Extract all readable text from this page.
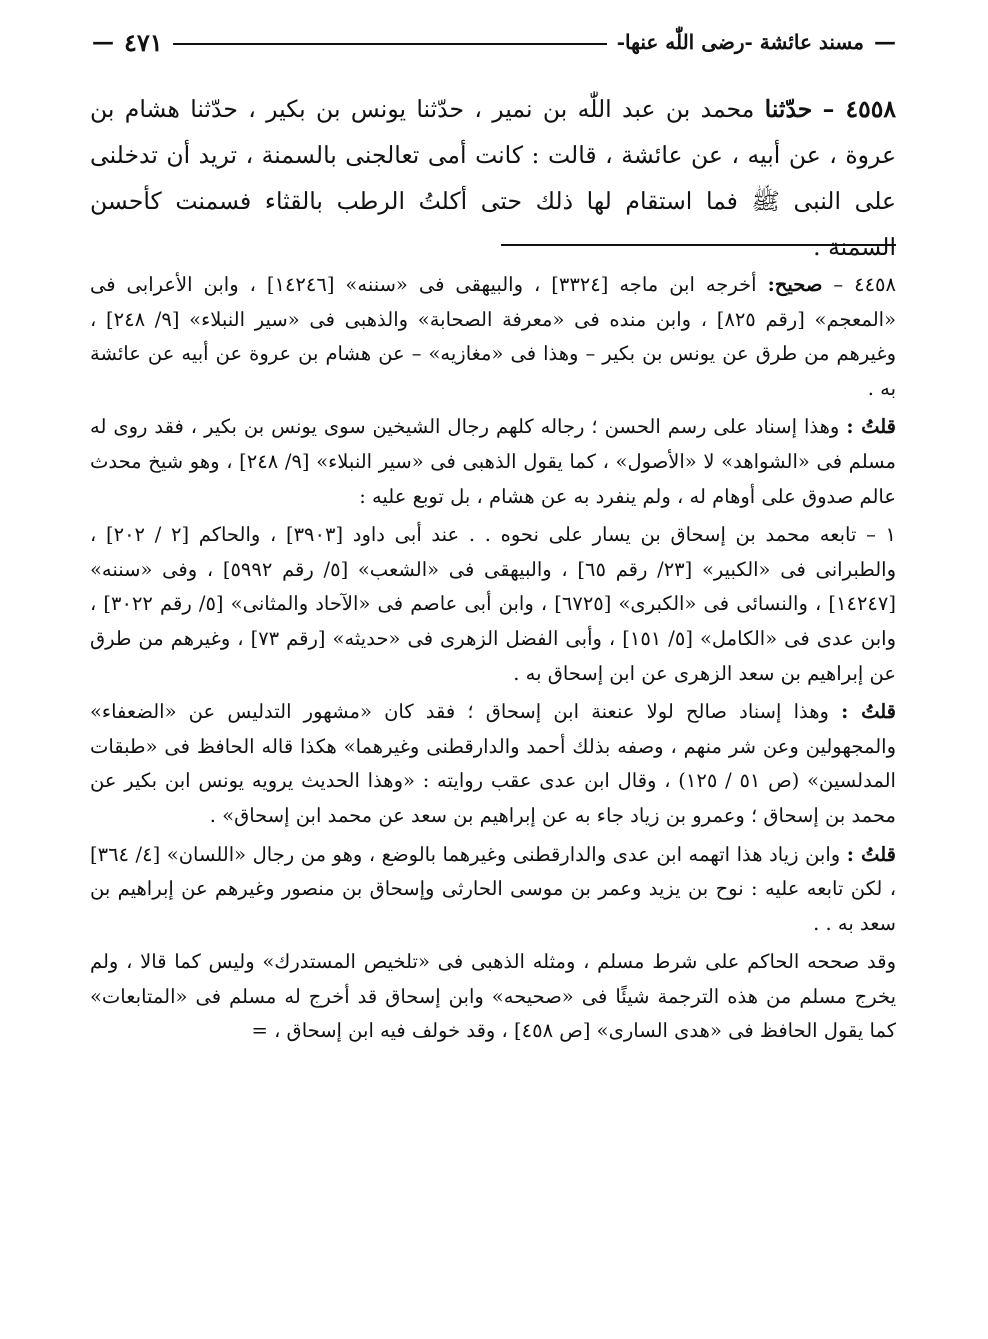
—
مسند عائشة -رضى اللّٰه عنها-
٤٧١
—
٤٥٥٨ – حدّثنا محمد بن عبد اللّٰه بن نمير ، حدّثنا يونس بن بكير ، حدّثنا هشام بن عروة ، عن أبيه ، عن عائشة ، قالت : كانت أمى تعالجنى بالسمنة ، تريد أن تدخلنى على النبى ﷺ فما استقام لها ذلك حتى أكلتُ الرطب بالقثاء فسمنت كأحسن السمنة .

٤٤٥٨ – صحيح: أخرجه ابن ماجه [٣٣٢٤] ، والبيهقى فى «سننه» [١٤٢٤٦] ، وابن الأعرابى فى «المعجم» [رقم ٨٢٥] ، وابن منده فى «معرفة الصحابة» والذهبى فى «سير النبلاء» [٩/ ٢٤٨] ، وغيرهم من طرق عن يونس بن بكير – وهذا فى «مغازيه» – عن هشام بن عروة عن أبيه عن عائشة به .

قلتُ : وهذا إسناد على رسم الحسن ؛ رجاله كلهم رجال الشيخين سوى يونس بن بكير ، فقد روى له مسلم فى «الشواهد» لا «الأصول» ، كما يقول الذهبى فى «سير النبلاء» [٩/ ٢٤٨] ، وهو شيخ محدث عالم صدوق على أوهام له ، ولم ينفرد به عن هشام ، بل توبع عليه :

١ – تابعه محمد بن إسحاق بن يسار على نحوه . . عند أبى داود [٣٩٠٣] ، والحاكم [٢ / ٢٠٢] ، والطبرانى فى «الكبير» [٢٣/ رقم ٦٥] ، والبيهقى فى «الشعب» [٥/ رقم ٥٩٩٢] ، وفى «سننه» [١٤٢٤٧] ، والنسائى فى «الكبرى» [٦٧٢٥] ، وابن أبى عاصم فى «الآحاد والمثانى» [٥/ رقم ٣٠٢٢] ، وابن عدى فى «الكامل» [٥/ ١٥١] ، وأبى الفضل الزهرى فى «حديثه» [رقم ٧٣] ، وغيرهم من طرق عن إبراهيم بن سعد الزهرى عن ابن إسحاق به .

قلتُ : وهذا إسناد صالح لولا عنعنة ابن إسحاق ؛ فقد كان «مشهور التدليس عن «الضعفاء» والمجهولين وعن شر منهم ، وصفه بذلك أحمد والدارقطنى وغيرهما» هكذا قاله الحافظ فى «طبقات المدلسين» (ص ٥١ / ١٢٥) ، وقال ابن عدى عقب روايته : «وهذا الحديث يرويه يونس ابن بكير عن محمد بن إسحاق ؛ وعمرو بن زياد جاء به عن إبراهيم بن سعد عن محمد ابن إسحاق» .

قلتُ : وابن زياد هذا اتهمه ابن عدى والدارقطنى وغيرهما بالوضع ، وهو من رجال «اللسان» [٤/ ٣٦٤] ، لكن تابعه عليه : نوح بن يزيد وعمر بن موسى الحارثى وإسحاق بن منصور وغيرهم عن إبراهيم بن سعد به . .

وقد صححه الحاكم على شرط مسلم ، ومثله الذهبى فى «تلخيص المستدرك» وليس كما قالا ، ولم يخرج مسلم من هذه الترجمة شيئًا فى «صحيحه» وابن إسحاق قد أخرج له مسلم فى «المتابعات» كما يقول الحافظ فى «هدى السارى» [ص ٤٥٨] ، وقد خولف فيه ابن إسحاق ، =
